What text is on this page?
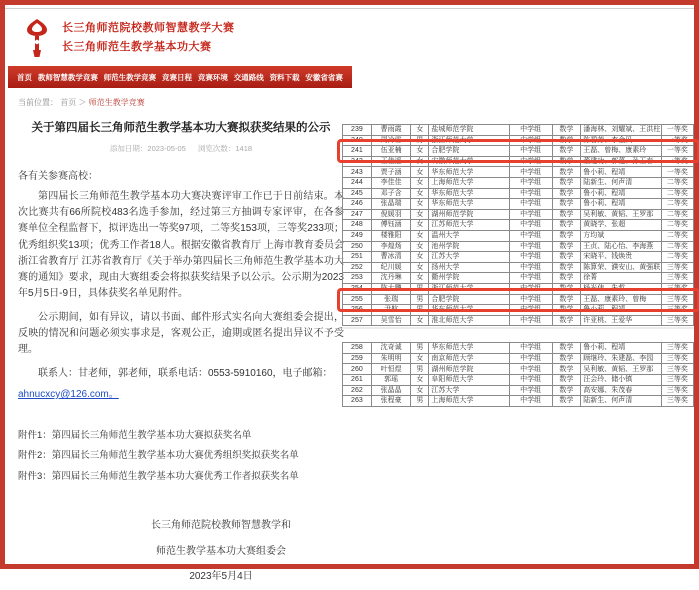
长三角师范院校教师智慧教学大赛
长三角师范生教学基本功大赛
首页 教师智慧教学竞赛 师范生教学竞赛 竞赛日程 竞赛环境 交通路线 资料下载 安徽省省赛
当前位置： 首页 ＞ 师范生教学竞赛
关于第四届长三角师范生教学基本功大赛拟获奖结果的公示
添加日期：2023-05-05 浏览次数：1418
各有关参赛高校：
第四届长三角师范生教学基本功大赛决赛评审工作已于日前结束。本次比赛共有66所院校483名选手参加，经过第三方抽调专家评审，在各参赛单位全程监督下，拟评选出一等奖97项，二等奖153项，三等奖233项；优秀组织奖13项；优秀工作者18人。根据安徽省教育厅 上海市教育委员会 浙江省教育厅 江苏省教育厅《关于举办第四届长三角师范生教学基本功大赛的通知》要求，现由大赛组委会将拟获奖结果予以公示。公示期为2023年5月5日-9日，具体获奖名单见附件。
公示期间，如有异议，请以书面、邮件形式实名向大赛组委会提出，反映的情况和问题必须实事求是，客观公正，逾期或匿名提出异议不予受理。
联系人：甘老师，郭老师，联系电话：0553-5910160，电子邮箱：
ahnucxcy@126.com。
附件1：第四届长三角师范生教学基本功大赛拟获奖名单
附件2：第四届长三角师范生教学基本功大赛优秀组织奖拟获奖名单
附件3：第四届长三角师范生教学基本功大赛优秀工作者拟获奖名单
长三角师范院校教师智慧教学和
师范生教学基本功大赛组委会
2023年5月4日
239	曹雨霞	女	盐城师范学院	中学组	数学	潘海林、刘耀斌、王洪柱	一等奖
240	周冷雪	男	浙江师范大学	中学组	数学	陈碧芳、李金贝	一等奖
241	伍亚楠	女	合肥学院	中学组	数学	王磊、曾梅、康素玲	一等奖
242	王佳遥	女	安徽师范大学	中学组	数学	董建功、郭蕴、孙玉春	一等奖
243	贾子涵	女	华东师范大学	中学组	数学	鲁小莉、程靖	一等奖
244	李佳佳	女	上海师范大学	中学组	数学	陆新生、何声清	二等奖
245	邓子含	女	华东师范大学	中学组	数学	鲁小莉、程靖	二等奖
246	张晶瑞	女	华东师范大学	中学组	数学	鲁小莉、程靖	二等奖
247	倪媛羽	女	湖州师范学院	中学组	数学	吴利敏、黄韬、王罗那	二等奖
248	傅钰涵	女	江苏师范大学	中学组	数学	黄晓学、张超	二等奖
249	楼雅阳	女	温州大学	中学组	数学	方均斌	二等奖
250	李煌炀	女	池州学院	中学组	数学	王贞、陆心怡、李海燕	二等奖
251	曹冰清	女	江苏大学	中学组	数学	宋晓平、钱焕贵	二等奖
252	纪川媛	女	扬州大学	中学组	数学	陈算荣、濮安山、黄强联	三等奖
253	沈丹琳	女	衢州学院	中学组	数学	徐菁	三等奖
254	陈大鹏	男	浙江师范大学	中学组	数学	杨光伟、朱哲	三等奖
255	张瑞	男	合肥学院	中学组	数学	王磊、康素玲、曾梅	三等奖
256	尹航	男	华东师范大学	中学组	数学	鲁小莉、程靖	三等奖
257	吴雪怡	女	淮北师范大学	中学组	数学	许亚桃、王爱华	三等奖
258	沈奇诚	男	华东师范大学	中学组	数学	鲁小莉、程靖	三等奖
259	朱明明	女	南京师范大学	中学组	数学	顾继玲、朱建磊、李园	三等奖
260	叶恒煜	男	湖州师范学院	中学组	数学	吴利敏、黄韬、王罗那	三等奖
261	郭瑶	女	阜阳师范大学	中学组	数学	汪会玲、储小镇	三等奖
262	张晶晶	女	江苏大学	中学组	数学	高安娜、朱茂春	三等奖
263	张程豪	男	上海师范大学	中学组	数学	陆新生、何声清	三等奖
